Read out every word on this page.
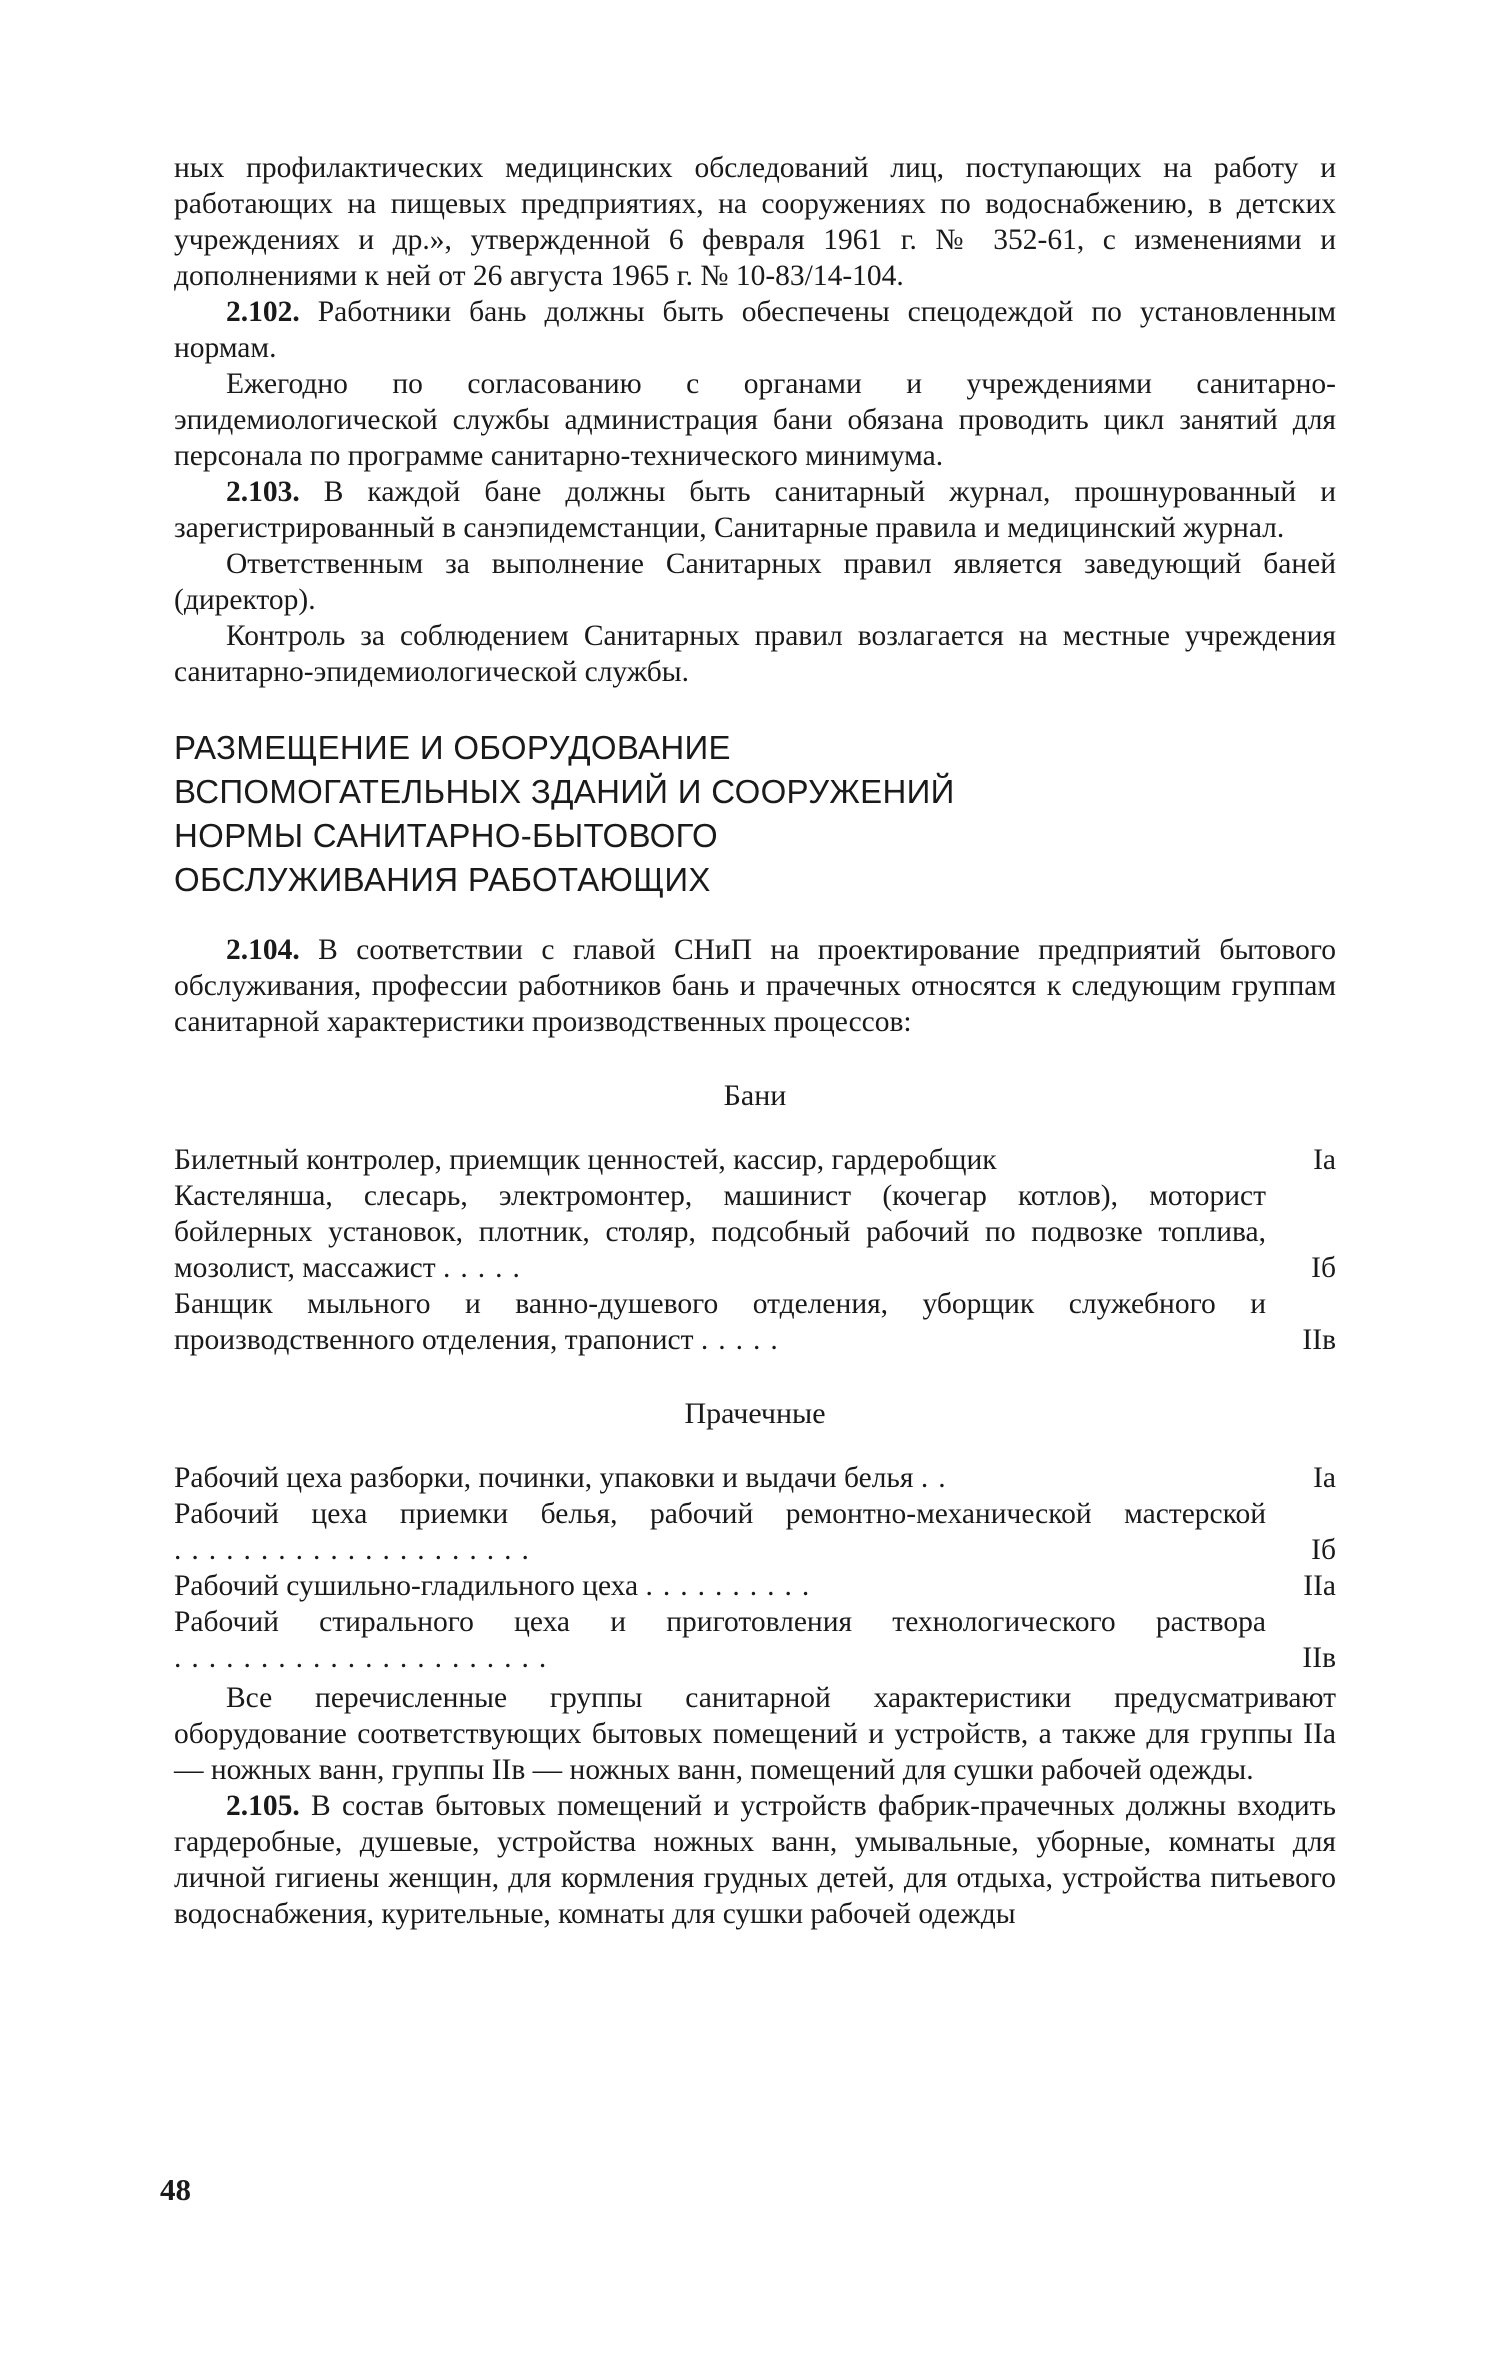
ных профилактических медицинских обследований лиц, поступающих на работу и работающих на пищевых предприятиях, на сооружениях по водоснабжению, в детских учреждениях и др.», утвержденной 6 февраля 1961 г. № 352-61, с изменениями и дополнениями к ней от 26 августа 1965 г. № 10-83/14-104.

2.102. Работники бань должны быть обеспечены спецодеждой по установленным нормам.

Ежегодно по согласованию с органами и учреждениями санитарно-эпидемиологической службы администрация бани обязана проводить цикл занятий для персонала по программе санитарно-технического минимума.

2.103. В каждой бане должны быть санитарный журнал, прошнурованный и зарегистрированный в санэпидемстанции, Санитарные правила и медицинский журнал.

Ответственным за выполнение Санитарных правил является заведующий баней (директор).

Контроль за соблюдением Санитарных правил возлагается на местные учреждения санитарно-эпидемиологической службы.

РАЗМЕЩЕНИЕ И ОБОРУДОВАНИЕ
ВСПОМОГАТЕЛЬНЫХ ЗДАНИЙ И СООРУЖЕНИЙ
НОРМЫ САНИТАРНО-БЫТОВОГО
ОБСЛУЖИВАНИЯ РАБОТАЮЩИХ

2.104. В соответствии с главой СНиП на проектирование предприятий бытового обслуживания, профессии работников бань и прачечных относятся к следующим группам санитарной характеристики производственных процессов:

Бани
Билетный контролер, приемщик ценностей, кассир, гардеробщик	Iа
Кастелянша, слесарь, электромонтер, машинист (кочегар котлов), моторист бойлерных установок, плотник, столяр, подсобный рабочий по подвозке топлива, мозолист, массажист .....	Iб
Банщик мыльного и ванно-душевого отделения, уборщик служебного и производственного отделения, трапонист .....	IIв
Прачечные
Рабочий цеха разборки, починки, упаковки и выдачи белья ..	Iа
Рабочий цеха приемки белья, рабочий ремонтно-механической мастерской .....................	Iб
Рабочий сушильно-гладильного цеха ..........	IIа
Рабочий стирального цеха и приготовления технологического раствора ......................	IIв

Все перечисленные группы санитарной характеристики предусматривают оборудование соответствующих бытовых помещений и устройств, а также для группы IIа — ножных ванн, группы IIв — ножных ванн, помещений для сушки рабочей одежды.

2.105. В состав бытовых помещений и устройств фабрик-прачечных должны входить гардеробные, душевые, устройства ножных ванн, умывальные, уборные, комнаты для личной гигиены женщин, для кормления грудных детей, для отдыха, устройства питьевого водоснабжения, курительные, комнаты для сушки рабочей одежды

48
